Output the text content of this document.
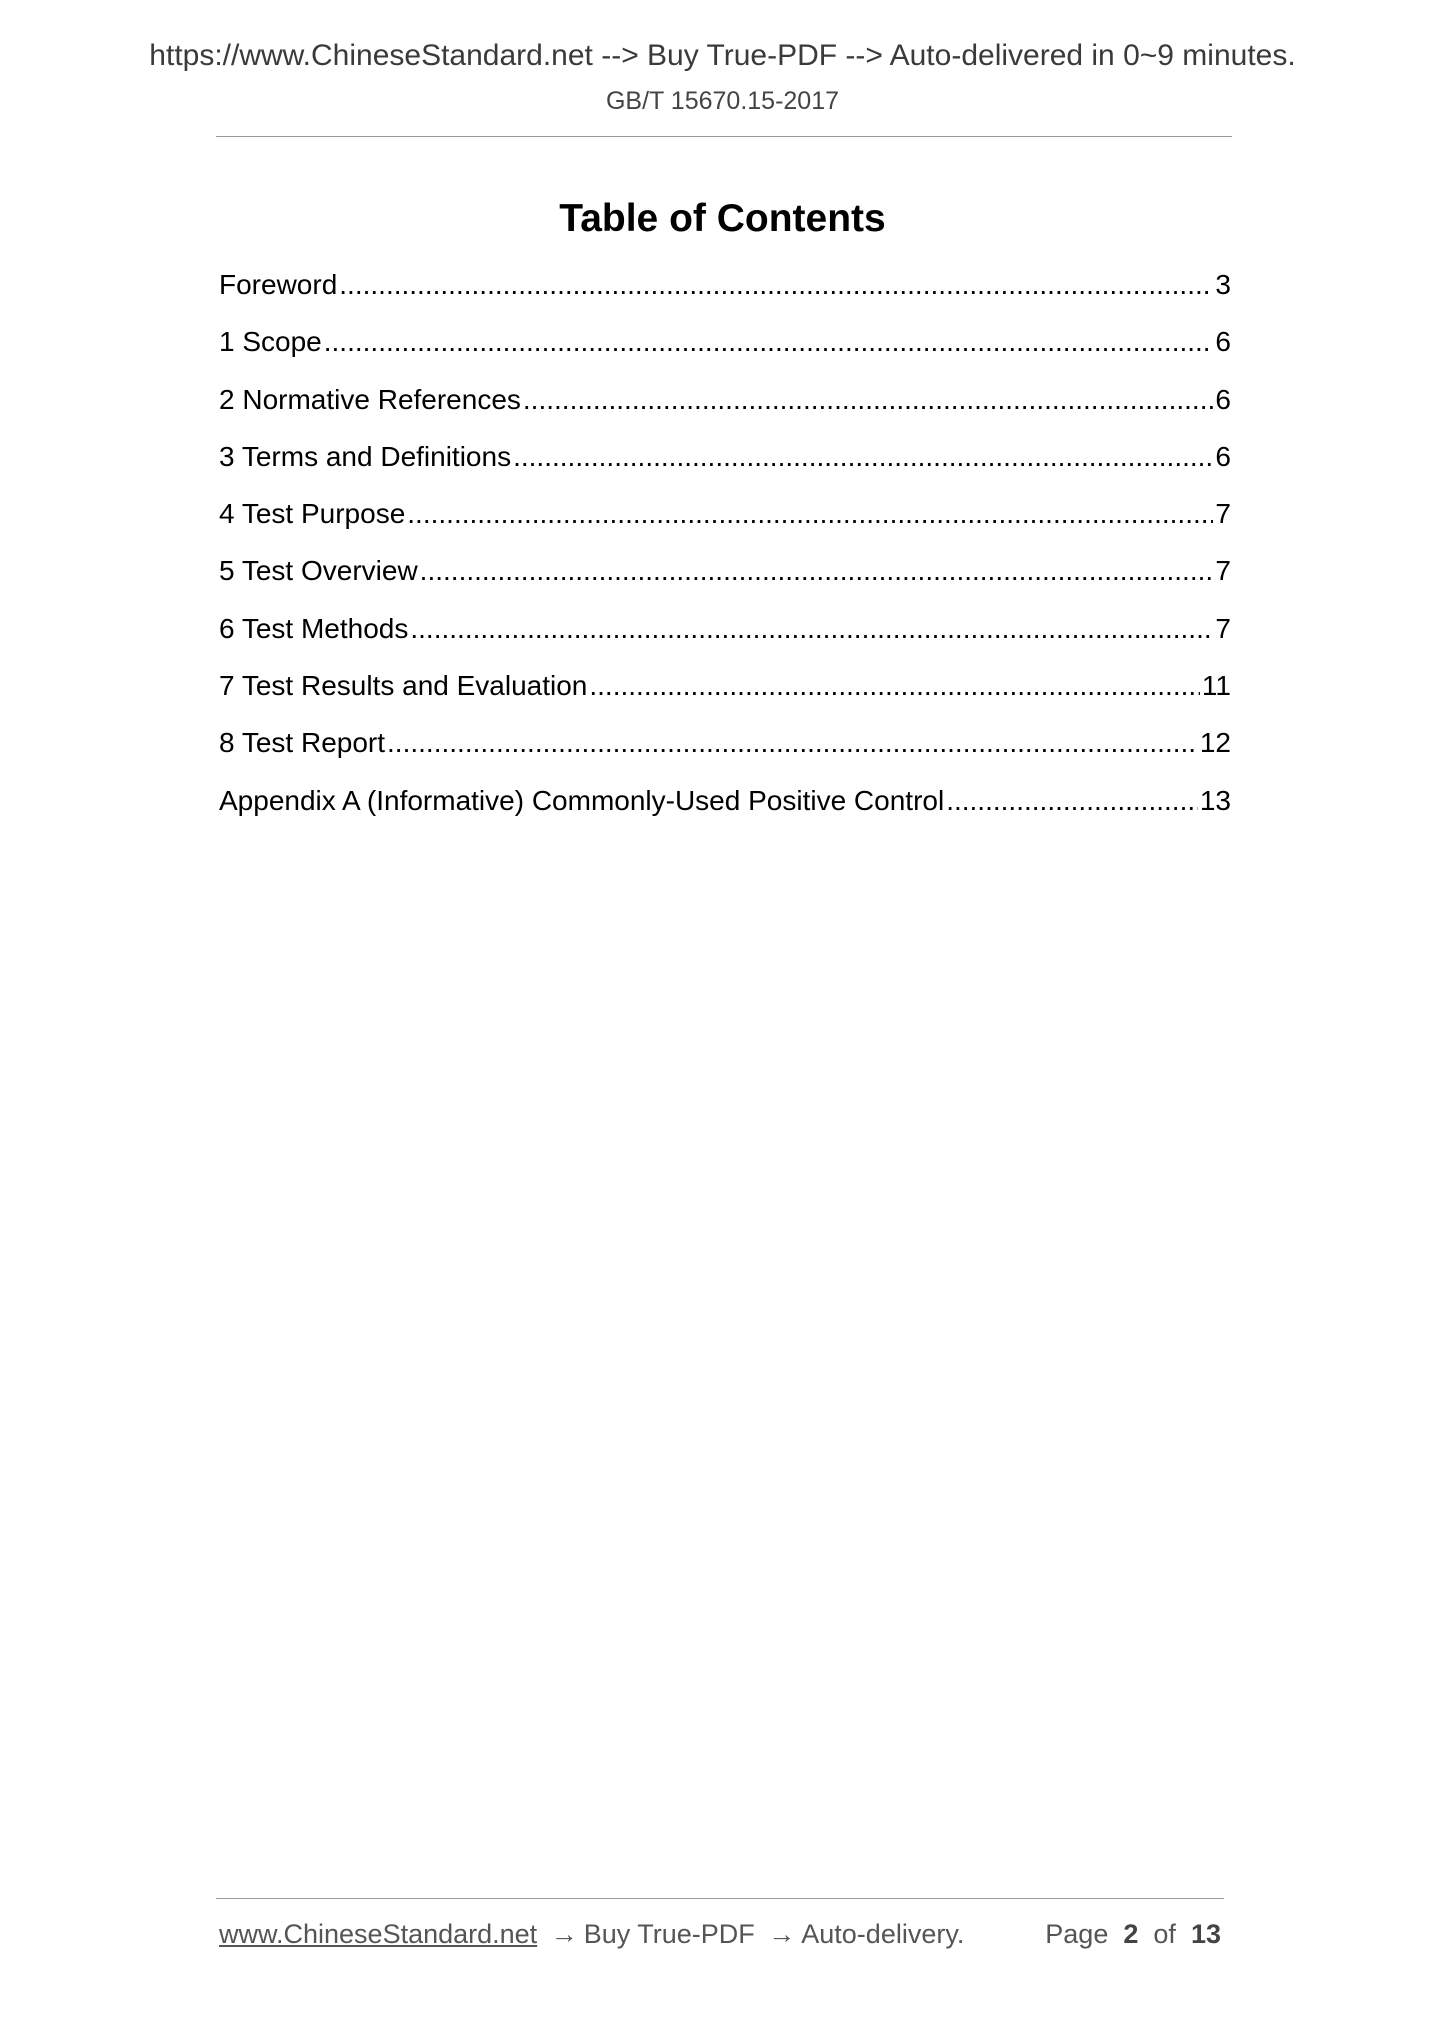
https://www.ChineseStandard.net --> Buy True-PDF --> Auto-delivered in 0~9 minutes.
GB/T 15670.15-2017
Table of Contents
Foreword .....	3
1 Scope .....	6
2 Normative References .....	6
3 Terms and Definitions .....	6
4 Test Purpose .....	7
5 Test Overview .....	7
6 Test Methods .....	7
7 Test Results and Evaluation .....	11
8 Test Report .....	12
Appendix A (Informative) Commonly-Used Positive Control .....	13
www.ChineseStandard.net → Buy True-PDF → Auto-delivery.	Page 2 of 13
